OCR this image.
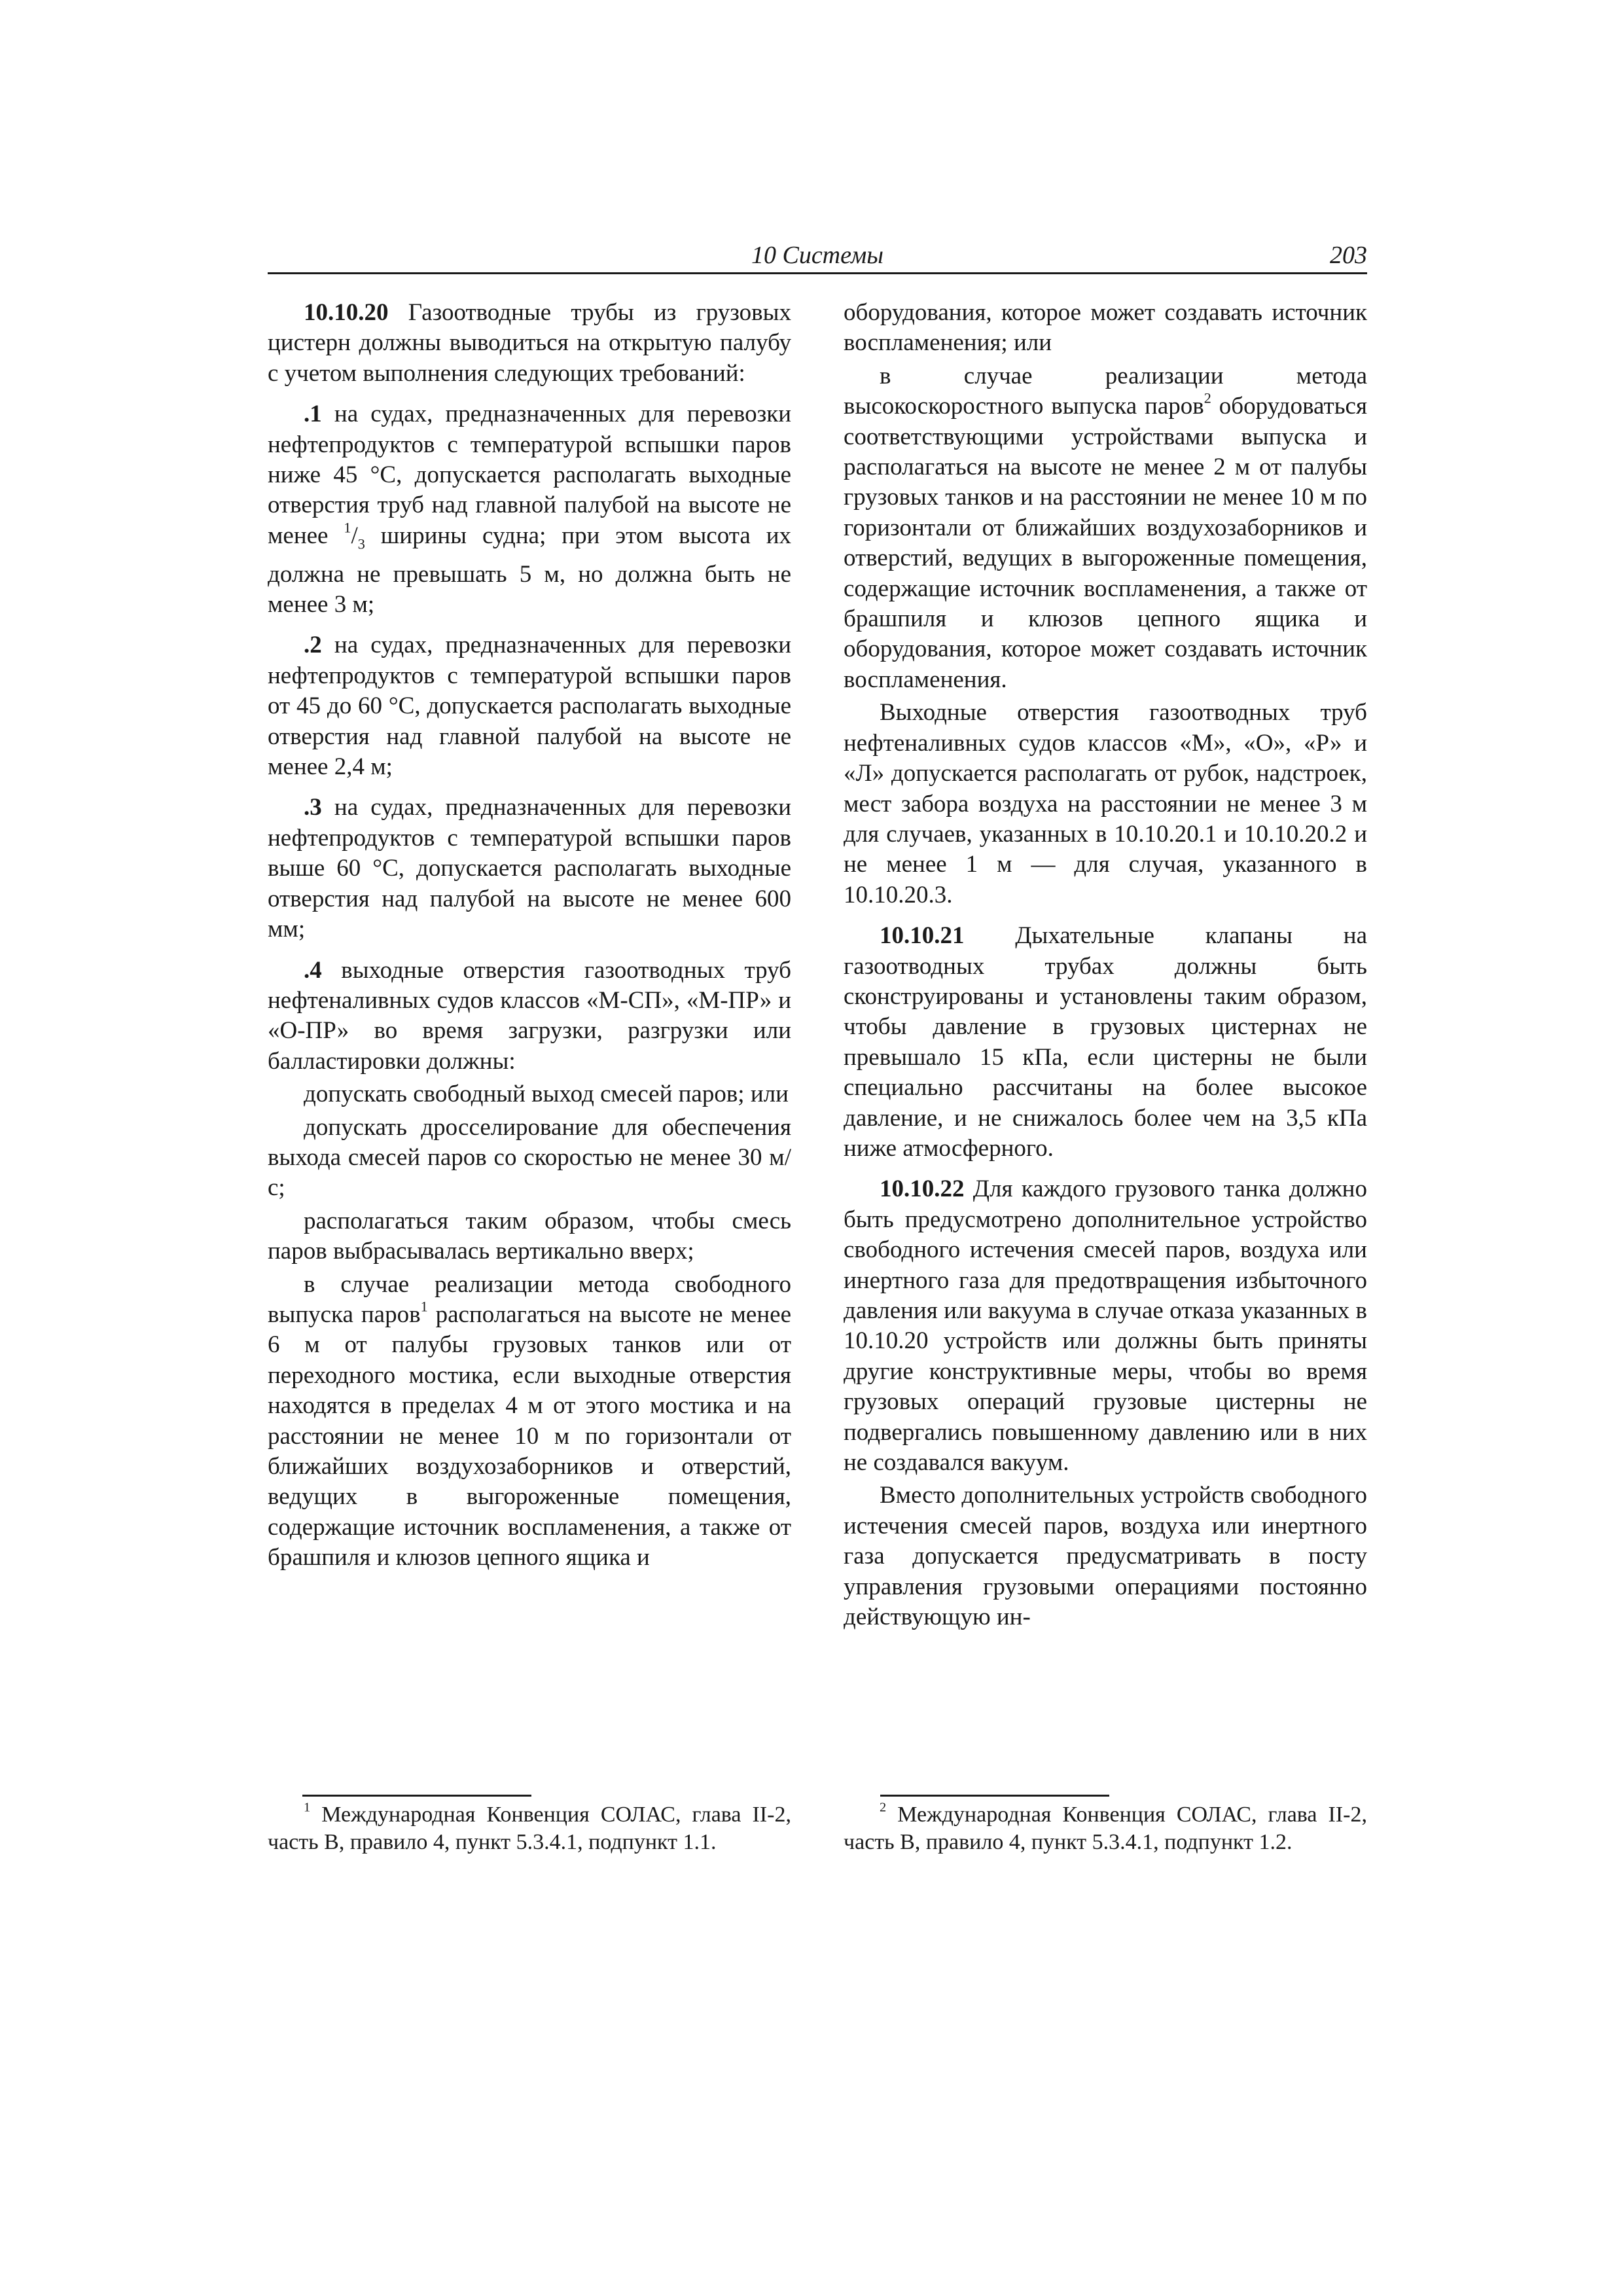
10 Системы	203

10.10.20 Газоотводные трубы из грузовых цистерн должны выводиться на открытую палубу с учетом выполнения следующих требований:

.1 на судах, предназначенных для перевозки нефтепродуктов с температурой вспышки паров ниже 45 °С, допускается располагать выходные отверстия труб над главной палубой на высоте не менее $^1/_3$ ширины судна; при этом высота их должна не превышать 5 м, но должна быть не менее 3 м;

.2 на судах, предназначенных для перевозки нефтепродуктов с температурой вспышки паров от 45 до 60 °С, допускается располагать выходные отверстия над главной палубой на высоте не менее 2,4 м;

.3 на судах, предназначенных для перевозки нефтепродуктов с температурой вспышки паров выше 60 °С, допускается располагать выходные отверстия над палубой на высоте не менее 600 мм;

.4 выходные отверстия газоотводных труб нефтеналивных судов классов «М-СП», «М-ПР» и «О-ПР» во время загрузки, разгрузки или балластировки должны:

допускать свободный выход смесей паров; или

допускать дросселирование для обеспечения выхода смесей паров со скоростью не менее 30 м/с;

располагаться таким образом, чтобы смесь паров выбрасывалась вертикально вверх;

в случае реализации метода свободного выпуска паров$^1$ располагаться на высоте не менее 6 м от палубы грузовых танков или от переходного мостика, если выходные отверстия находятся в пределах 4 м от этого мостика и на расстоянии не менее 10 м по горизонтали от ближайших воздухозаборников и отверстий, ведущих в выгороженные помещения, содержащие источник воспламенения, а также от брашпиля и клюзов цепного ящика и

оборудования, которое может создавать источник воспламенения; или

в случае реализации метода высокоскоростного выпуска паров$^2$ оборудоваться соответствующими устройствами выпуска и располагаться на высоте не менее 2 м от палубы грузовых танков и на расстоянии не менее 10 м по горизонтали от ближайших воздухозаборников и отверстий, ведущих в выгороженные помещения, содержащие источник воспламенения, а также от брашпиля и клюзов цепного ящика и оборудования, которое может создавать источник воспламенения.

Выходные отверстия газоотводных труб нефтеналивных судов классов «М», «О», «Р» и «Л» допускается располагать от рубок, надстроек, мест забора воздуха на расстоянии не менее 3 м для случаев, указанных в 10.10.20.1 и 10.10.20.2 и не менее 1 м — для случая, указанного в 10.10.20.3.

10.10.21 Дыхательные клапаны на газоотводных трубах должны быть сконструированы и установлены таким образом, чтобы давление в грузовых цистернах не превышало 15 кПа, если цистерны не были специально рассчитаны на более высокое давление, и не снижалось более чем на 3,5 кПа ниже атмосферного.

10.10.22 Для каждого грузового танка должно быть предусмотрено дополнительное устройство свободного истечения смесей паров, воздуха или инертного газа для предотвращения избыточного давления или вакуума в случае отказа указанных в 10.10.20 устройств или должны быть приняты другие конструктивные меры, чтобы во время грузовых операций грузовые цистерны не подвергались повышенному давлению или в них не создавался вакуум.

Вместо дополнительных устройств свободного истечения смесей паров, воздуха или инертного газа допускается предусматривать в посту управления грузовыми операциями постоянно действующую ин-

$^1$ Международная Конвенция СОЛАС, глава II-2, часть B, правило 4, пункт 5.3.4.1, подпункт 1.1.

$^2$ Международная Конвенция СОЛАС, глава II-2, часть B, правило 4, пункт 5.3.4.1, подпункт 1.2.
